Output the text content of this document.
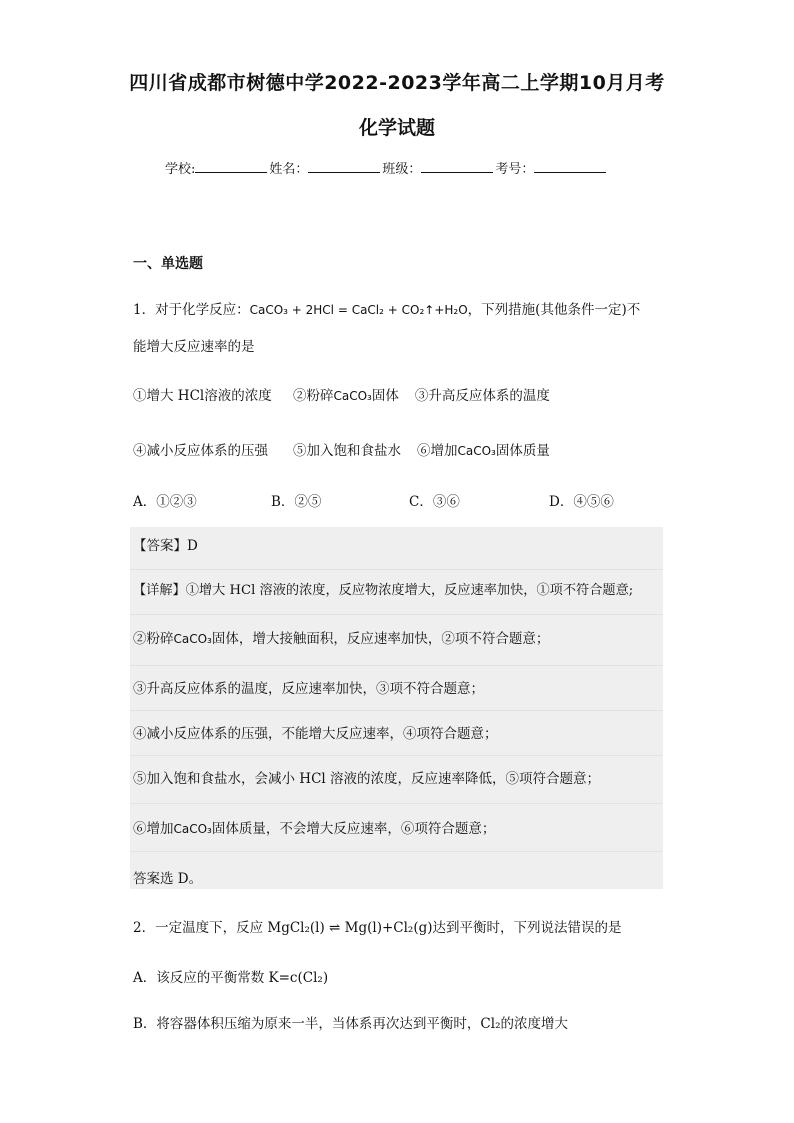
四川省成都市树德中学2022-2023学年高二上学期10月月考
化学试题
学校:	姓名：	班级：	考号：
一、单选题
1．对于化学反应：CaCO₃ + 2HCl = CaCl₂ + CO₂↑+H₂O，下列措施(其他条件一定)不
能增大反应速率的是
①增大 HCl溶液的浓度 ②粉碎CaCO₃固体 ③升高反应体系的温度
④减小反应体系的压强 ⑤加入饱和食盐水 ⑥增加CaCO₃固体质量
A．①②③	B．②⑤	C．③⑥	D．④⑤⑥
【答案】D
【详解】①增大 HCl 溶液的浓度，反应物浓度增大，反应速率加快，①项不符合题意;
②粉碎CaCO₃固体，增大接触面积，反应速率加快，②项不符合题意；
③升高反应体系的温度，反应速率加快，③项不符合题意；
④减小反应体系的压强，不能增大反应速率，④项符合题意；
⑤加入饱和食盐水，会减小 HCl 溶液的浓度，反应速率降低，⑤项符合题意；
⑥增加CaCO₃固体质量，不会增大反应速率，⑥项符合题意；
答案选 D。
2．一定温度下，反应 MgCl₂(l) ⇌ Mg(l)+Cl₂(g)达到平衡时，下列说法错误的是
A．该反应的平衡常数 K=c(Cl₂)
B．将容器体积压缩为原来一半，当体系再次达到平衡时，Cl₂的浓度增大
